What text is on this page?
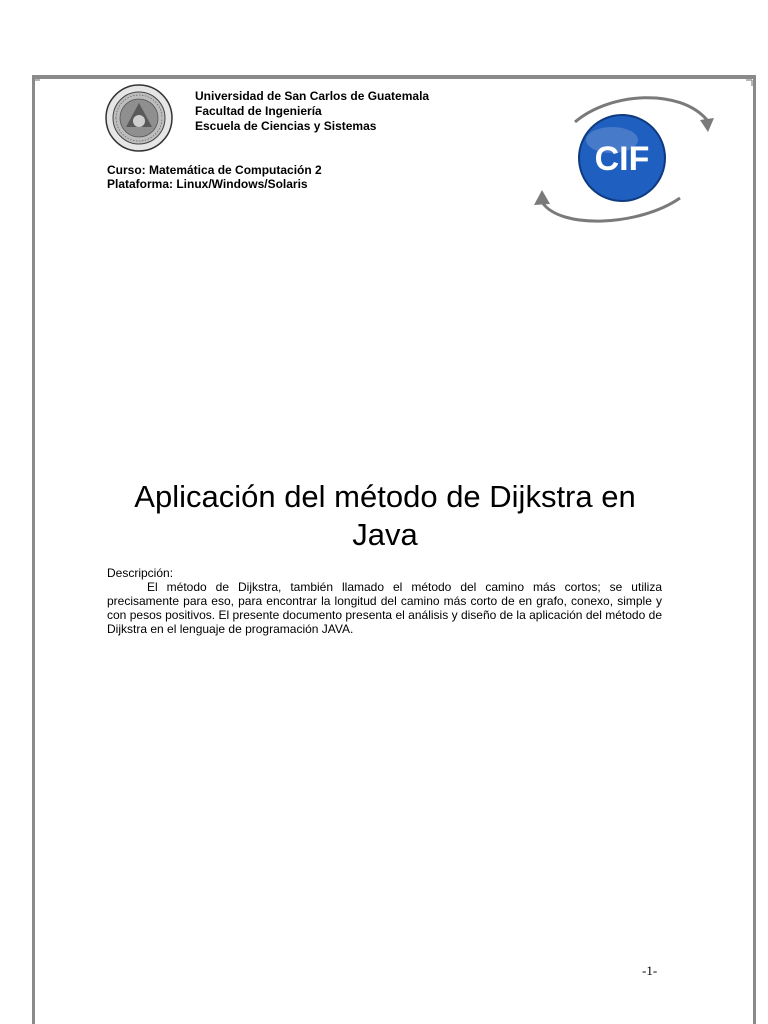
Universidad de San Carlos de Guatemala
Facultad de Ingeniería
Escuela de Ciencias y Sistemas
Curso: Matemática de Computación 2
Plataforma: Linux/Windows/Solaris
CIF
Aplicación del método de Dijkstra en Java
Descripción:
El método de Dijkstra, también llamado el método del camino más cortos; se utiliza precisamente para eso, para encontrar la longitud del camino más corto de en grafo, conexo, simple y con pesos positivos. El presente documento presenta el análisis y diseño de la aplicación del método de Dijkstra en el lenguaje de programación JAVA.
-1-
